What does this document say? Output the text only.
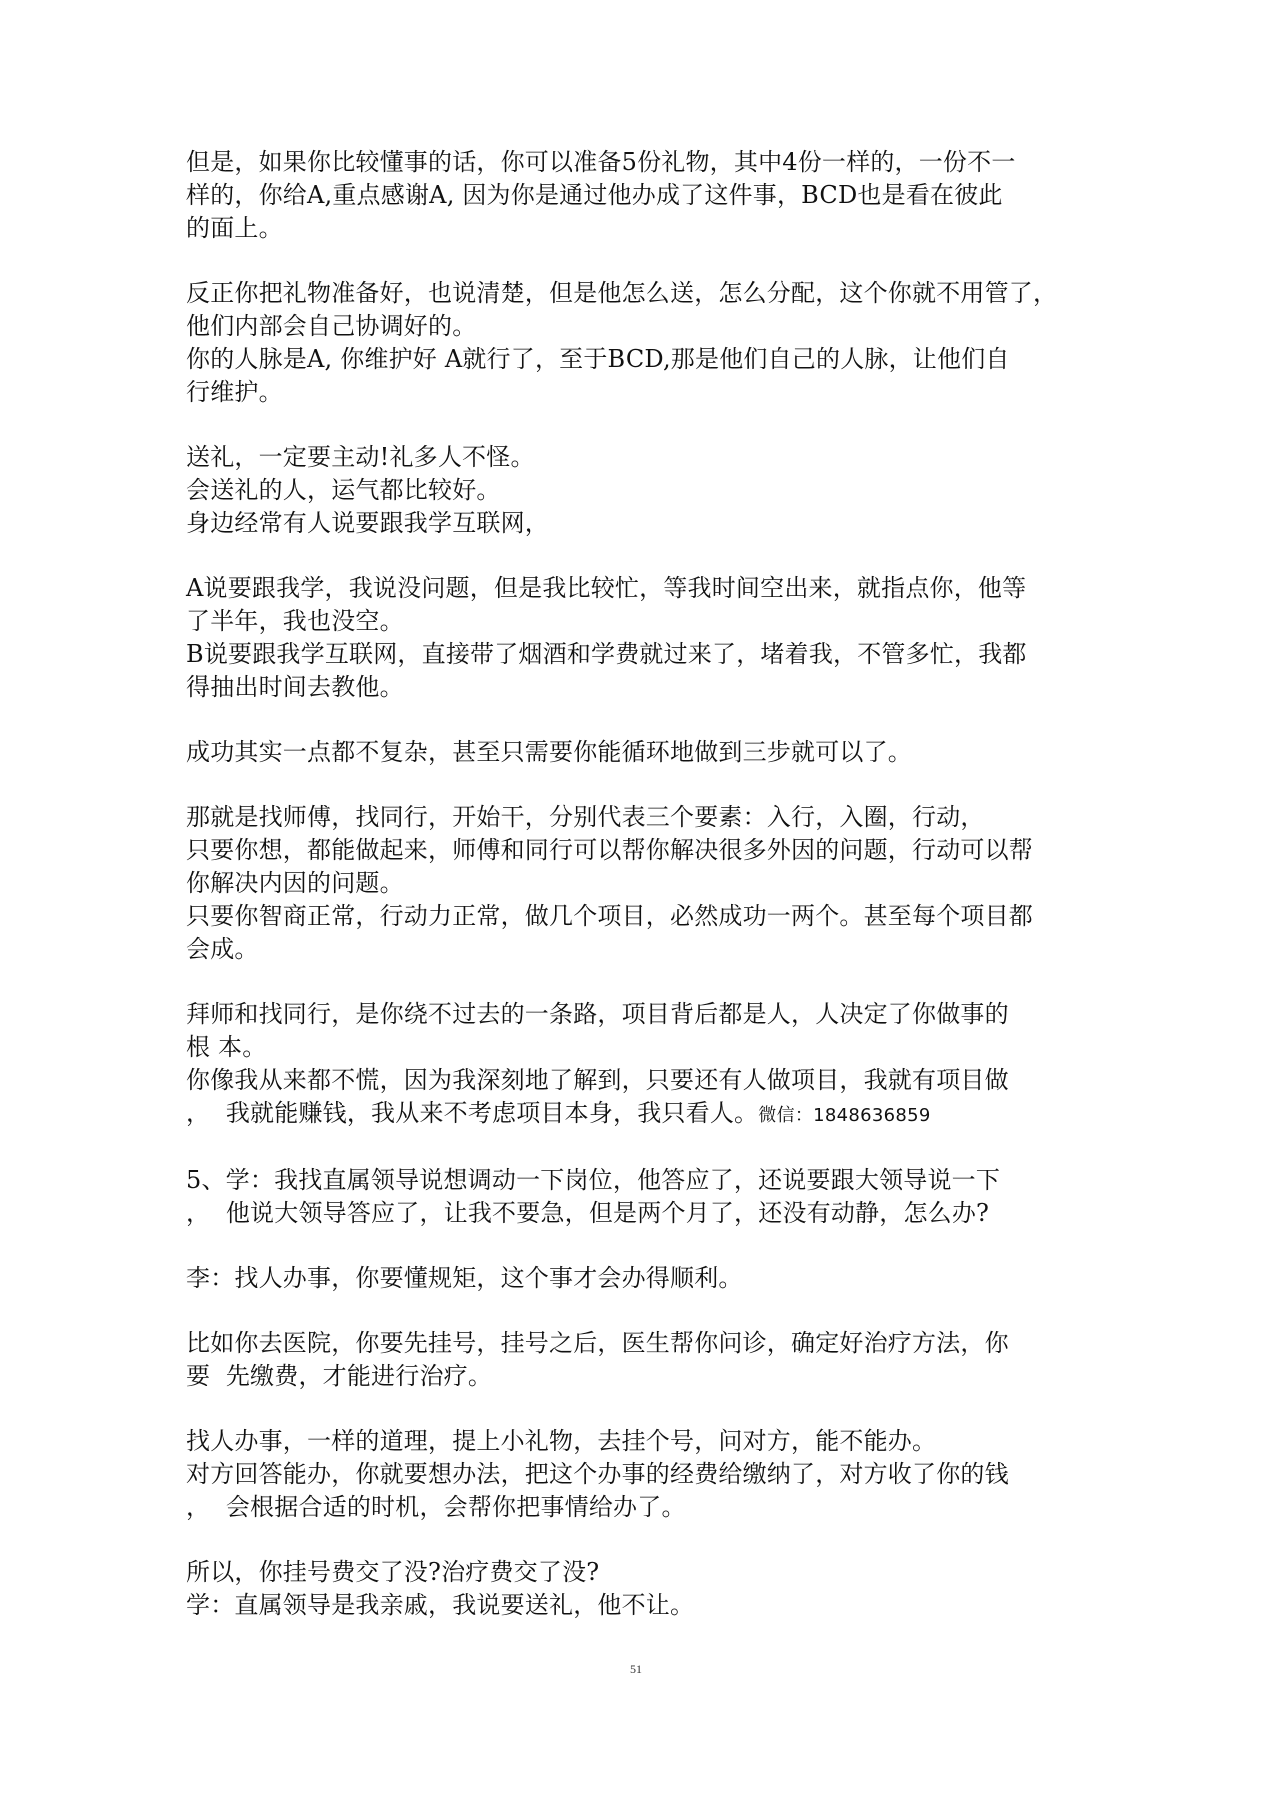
但是，如果你比较懂事的话，你可以准备5份礼物，其中4份一样的，一份不一
样的，你给A,重点感谢A, 因为你是通过他办成了这件事，BCD也是看在彼此
的面上。
反正你把礼物准备好，也说清楚，但是他怎么送，怎么分配，这个你就不用管了，
他们内部会自己协调好的。
你的人脉是A, 你维护好 A就行了，至于BCD,那是他们自己的人脉，让他们自
行维护。
送礼，一定要主动!礼多人不怪。
会送礼的人，运气都比较好。
身边经常有人说要跟我学互联网，
A说要跟我学，我说没问题，但是我比较忙，等我时间空出来，就指点你，他等
了半年，我也没空。
B说要跟我学互联网，直接带了烟酒和学费就过来了，堵着我，不管多忙，我都
得抽出时间去教他。
成功其实一点都不复杂，甚至只需要你能循环地做到三步就可以了。
那就是找师傅，找同行，开始干，分别代表三个要素：入行，入圈，行动，
只要你想，都能做起来，师傅和同行可以帮你解决很多外因的问题，行动可以帮
你解决内因的问题。
只要你智商正常，行动力正常，做几个项目，必然成功一两个。甚至每个项目都
会成。
拜师和找同行，是你绕不过去的一条路，项目背后都是人，人决定了你做事的
根 本。
你像我从来都不慌，因为我深刻地了解到，只要还有人做项目，我就有项目做
，  我就能赚钱，我从来不考虑项目本身，我只看人。微信：1848636859
5、学：我找直属领导说想调动一下岗位，他答应了，还说要跟大领导说一下
，  他说大领导答应了，让我不要急，但是两个月了，还没有动静，怎么办?
李：找人办事，你要懂规矩，这个事才会办得顺利。
比如你去医院，你要先挂号，挂号之后，医生帮你问诊，确定好治疗方法，你
要  先缴费，才能进行治疗。
找人办事，一样的道理，提上小礼物，去挂个号，问对方，能不能办。
对方回答能办，你就要想办法，把这个办事的经费给缴纳了，对方收了你的钱
，  会根据合适的时机，会帮你把事情给办了。
所以，你挂号费交了没?治疗费交了没?
学：直属领导是我亲戚，我说要送礼，他不让。
51
